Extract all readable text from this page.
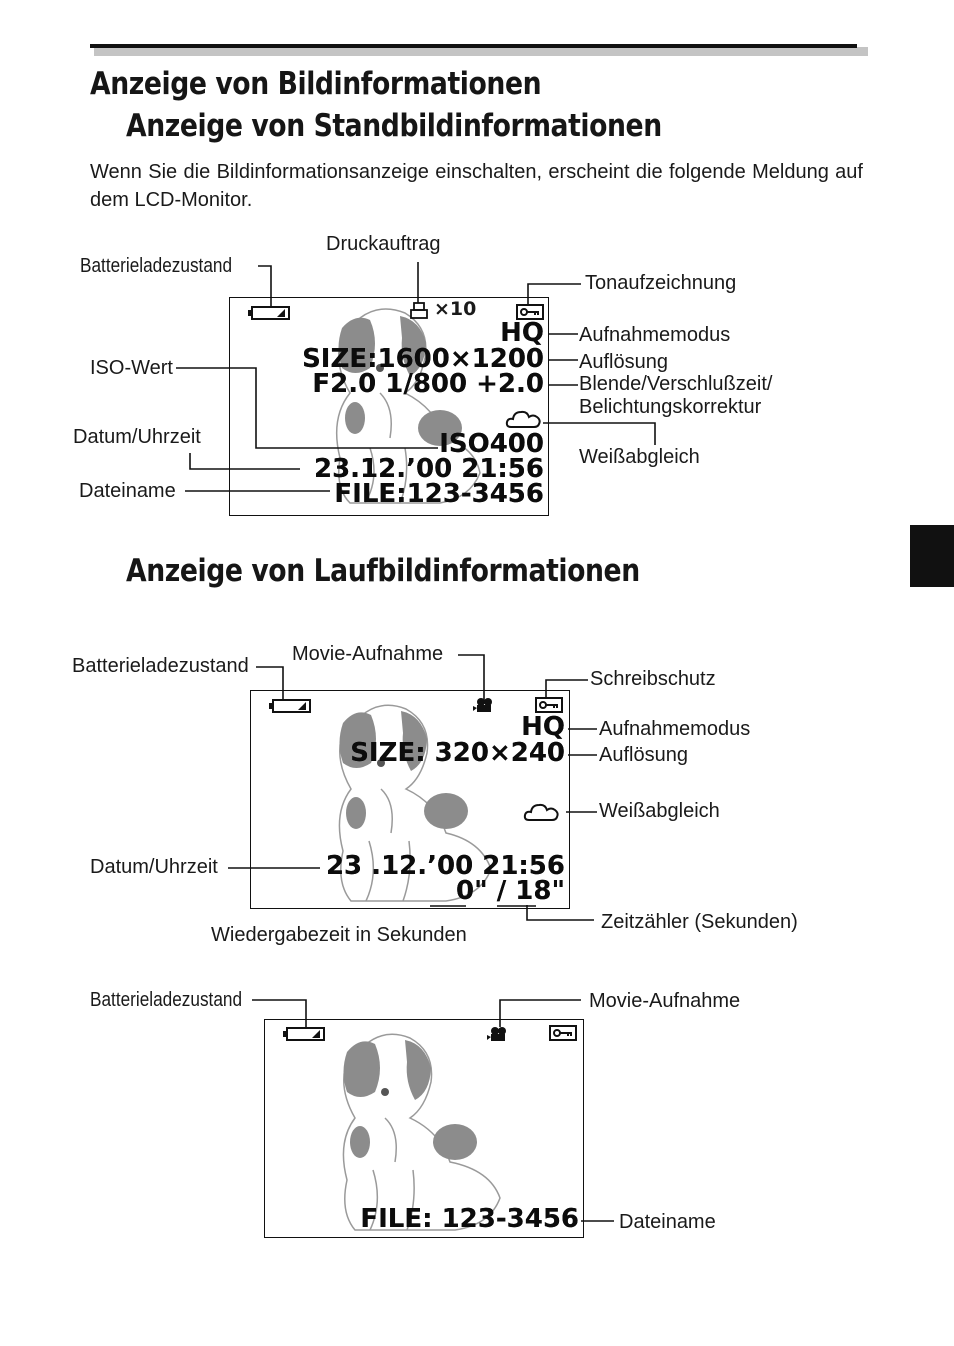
Anzeige von Bildinformationen
Anzeige von Standbildinformationen
Wenn Sie die Bildinformationsanzeige einschalten, erscheint die folgende Meldung auf dem LCD-Monitor.
×10
HQ
SIZE:1600×1200
F2.0 1/800 +2.0
ISO400
23.12.’00 21:56
FILE:123-3456
Batterieladezustand
Druckauftrag
Tonaufzeichnung
Aufnahmemodus
Auflösung
Blende/Verschlußzeit/
Belichtungskorrektur
ISO-Wert
Datum/Uhrzeit
Weißabgleich
Dateiname
Anzeige von Laufbildinformationen
HQ
SIZE: 320×240
23 .12.’00 21:56
0" / 18"
Batterieladezustand
Movie-Aufnahme
Schreibschutz
Aufnahmemodus
Auflösung
Weißabgleich
Datum/Uhrzeit
Zeitzähler (Sekunden)
Wiedergabezeit in Sekunden
FILE: 123-3456
Batterieladezustand	Movie-Aufnahme
Dateiname
